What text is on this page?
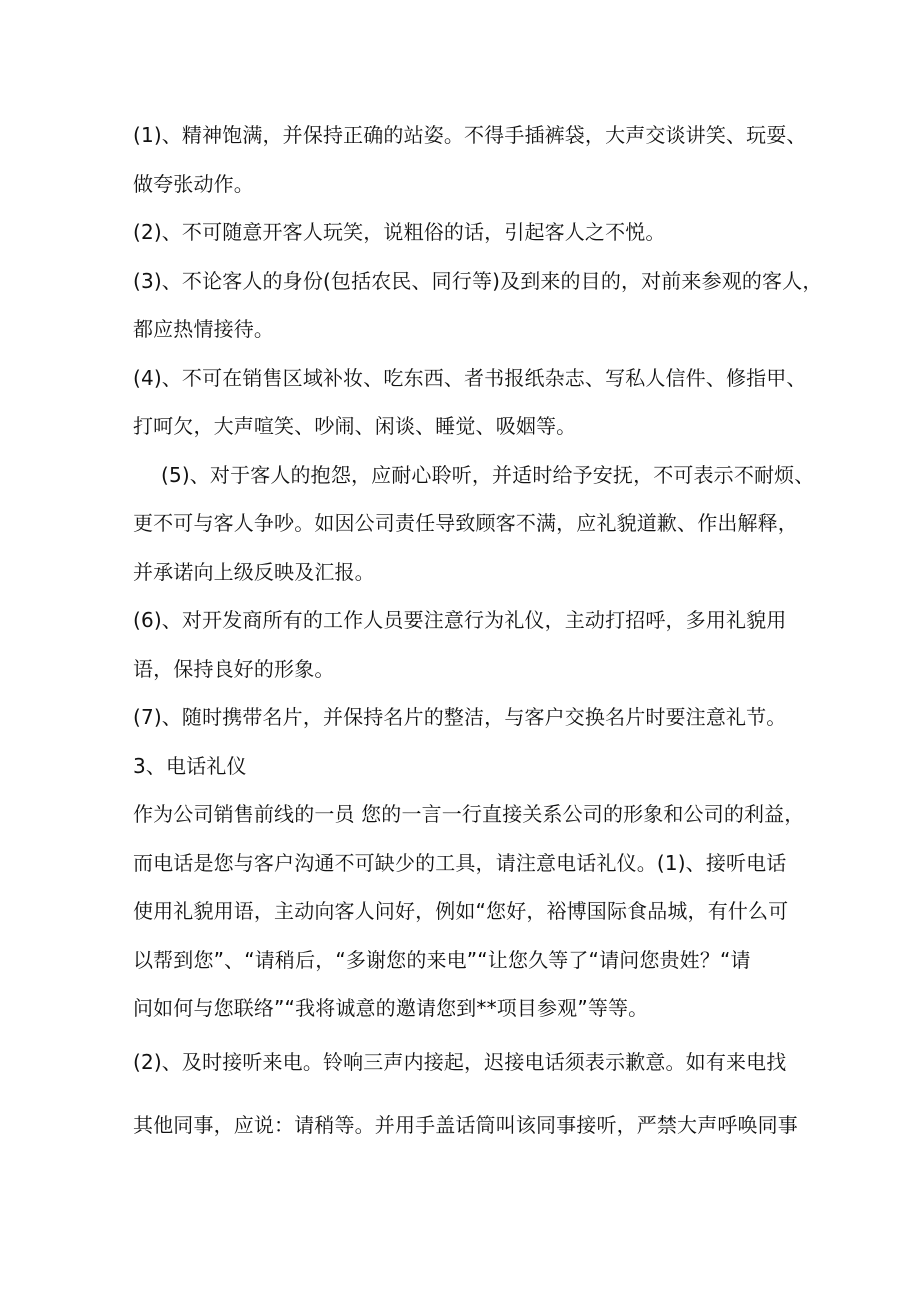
(1)、精神饱满，并保持正确的站姿。不得手插裤袋，大声交谈讲笑、玩耍、
做夸张动作。
(2)、不可随意开客人玩笑，说粗俗的话，引起客人之不悦。
(3)、不论客人的身份(包括农民、同行等)及到来的目的，对前来参观的客人，
都应热情接待。
(4)、不可在销售区域补妆、吃东西、者书报纸杂志、写私人信件、修指甲、
打呵欠，大声喧笑、吵闹、闲谈、睡觉、吸姻等。
(5)、对于客人的抱怨，应耐心聆听，并适时给予安抚，不可表示不耐烦、
更不可与客人争吵。如因公司责任导致顾客不满，应礼貌道歉、作出解释，
并承诺向上级反映及汇报。
(6)、对开发商所有的工作人员要注意行为礼仪，主动打招呼，多用礼貌用
语，保持良好的形象。
(7)、随时携带名片，并保持名片的整洁，与客户交换名片时要注意礼节。
3、电话礼仪
作为公司销售前线的一员 您的一言一行直接关系公司的形象和公司的利益，
而电话是您与客户沟通不可缺少的工具，请注意电话礼仪。(1)、接听电话
使用礼貌用语，主动向客人问好，例如“您好，裕博国际食品城，有什么可
以帮到您”、“请稍后，“多谢您的来电”“让您久等了“请问您贵姓？“请
问如何与您联络”“我将诚意的邀请您到**项目参观”等等。
(2)、及时接听来电。铃响三声内接起，迟接电话须表示歉意。如有来电找
其他同事，应说：请稍等。并用手盖话筒叫该同事接听，严禁大声呼唤同事
